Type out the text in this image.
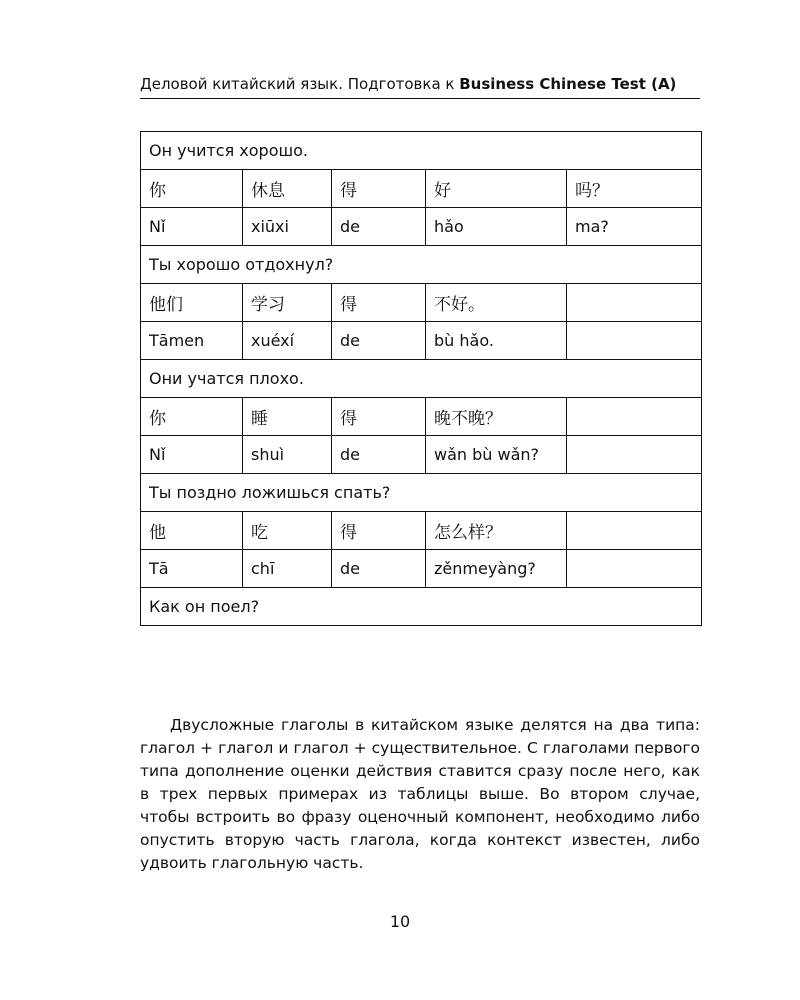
Деловой китайский язык. Подготовка к Business Chinese Test (A)
Он учится хорошо.				
你	休息	得	好	吗？
Nǐ	xiūxi	de	hǎo	ma?
Ты хорошо отдохнул?				
他们	学习	得	不好。	
Tāmen	xuéxí	de	bù hǎo.	
Они учатся плохо.				
你	睡	得	晚不晚？	
Nǐ	shuì	de	wǎn bù wǎn?	
Ты поздно ложишься спать?				
他	吃	得	怎么样？	
Tā	chī	de	zěnmeyàng?	
Как он поел?				

Двусложные глаголы в китайском языке делятся на два типа: глагол + глагол и глагол + существительное. С глаголами первого типа дополнение оценки действия ставится сразу после него, как в трех первых примерах из таблицы выше. Во втором случае, чтобы встроить во фразу оценочный компонент, необходимо либо опустить вторую часть глагола, когда контекст известен, либо удвоить глагольную часть.

10
